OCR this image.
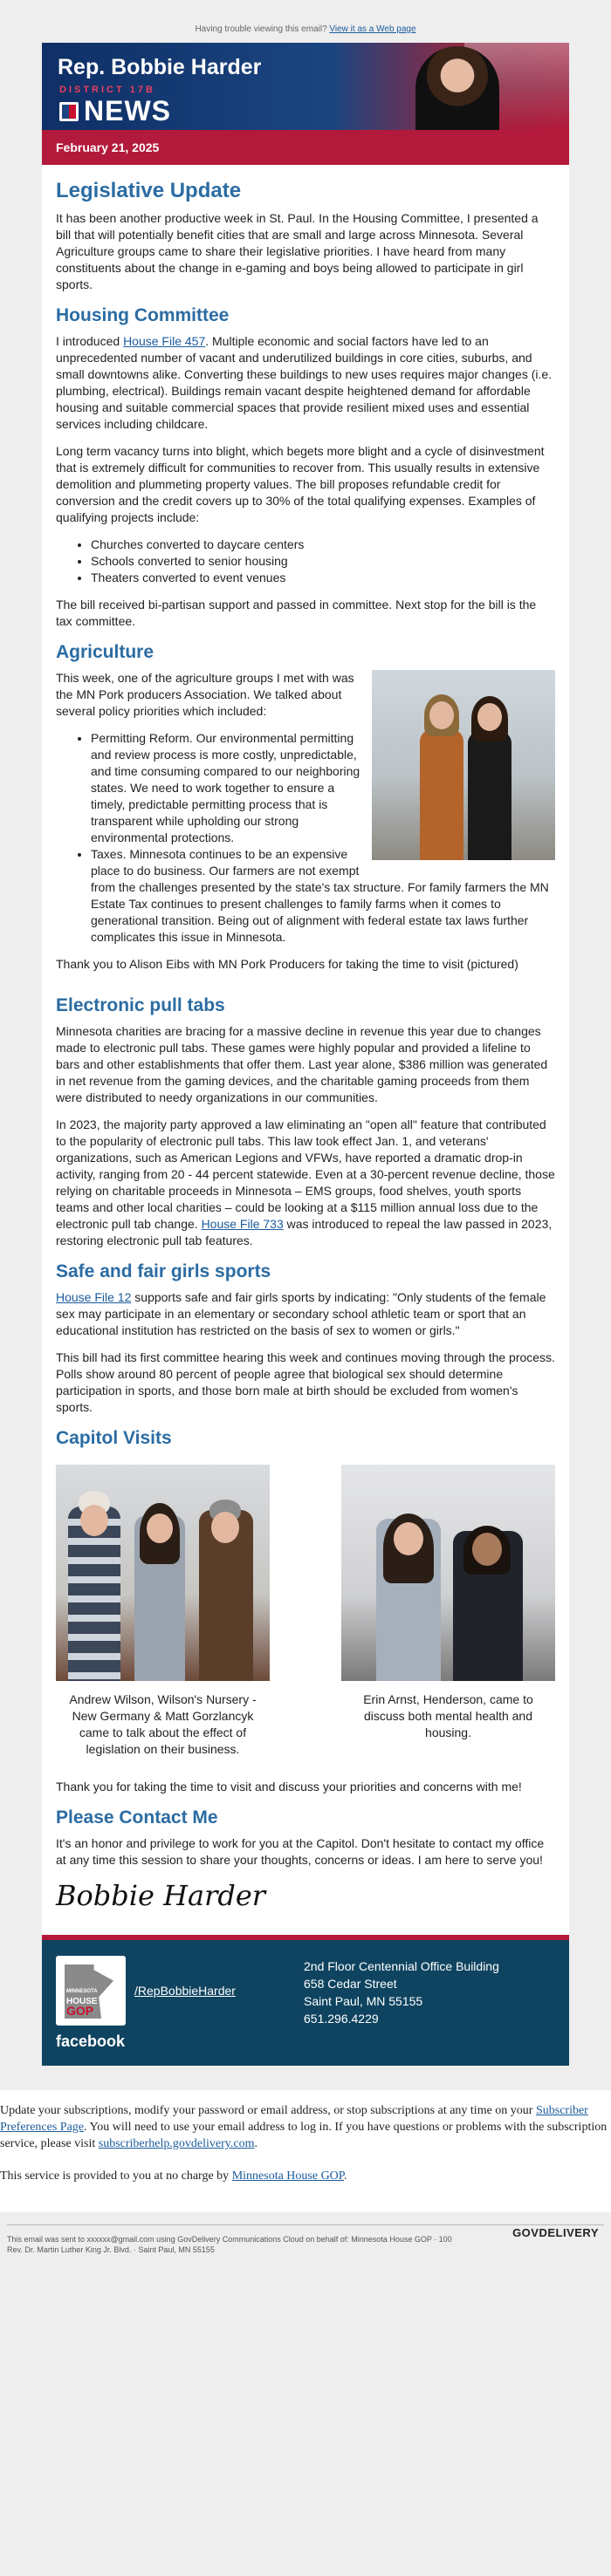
Having trouble viewing this email? View it as a Web page
Rep. Bobbie Harder
DISTRICT 17B
NEWS
February 21, 2025
Legislative Update

It has been another productive week in St. Paul. In the Housing Committee, I presented a bill that will potentially benefit cities that are small and large across Minnesota. Several Agriculture groups came to share their legislative priorities. I have heard from many constituents about the change in e-gaming and boys being allowed to participate in girl sports.

Housing Committee

I introduced House File 457. Multiple economic and social factors have led to an unprecedented number of vacant and underutilized buildings in core cities, suburbs, and small downtowns alike. Converting these buildings to new uses requires major changes (i.e. plumbing, electrical). Buildings remain vacant despite heightened demand for affordable housing and suitable commercial spaces that provide resilient mixed uses and essential services including childcare.

Long term vacancy turns into blight, which begets more blight and a cycle of disinvestment that is extremely difficult for communities to recover from. This usually results in extensive demolition and plummeting property values. The bill proposes refundable credit for conversion and the credit covers up to 30% of the total qualifying expenses. Examples of qualifying projects include:

• Churches converted to daycare centers
• Schools converted to senior housing
• Theaters converted to event venues

The bill received bi-partisan support and passed in committee. Next stop for the bill is the tax committee.

Agriculture

This week, one of the agriculture groups I met with was the MN Pork producers Association. We talked about several policy priorities which included:

• Permitting Reform. Our environmental permitting and review process is more costly, unpredictable, and time consuming compared to our neighboring states. We need to work together to ensure a timely, predictable permitting process that is transparent while upholding our strong environmental protections.
• Taxes. Minnesota continues to be an expensive place to do business. Our farmers are not exempt from the challenges presented by the state's tax structure. For family farmers the MN Estate Tax continues to present challenges to family farms when it comes to generational transition. Being out of alignment with federal estate tax laws further complicates this issue in Minnesota.

Thank you to Alison Eibs with MN Pork Producers for taking the time to visit (pictured)

Electronic pull tabs

Minnesota charities are bracing for a massive decline in revenue this year due to changes made to electronic pull tabs. These games were highly popular and provided a lifeline to bars and other establishments that offer them. Last year alone, $386 million was generated in net revenue from the gaming devices, and the charitable gaming proceeds from them were distributed to needy organizations in our communities.

In 2023, the majority party approved a law eliminating an "open all" feature that contributed to the popularity of electronic pull tabs. This law took effect Jan. 1, and veterans' organizations, such as American Legions and VFWs, have reported a dramatic drop-in activity, ranging from 20 - 44 percent statewide. Even at a 30-percent revenue decline, those relying on charitable proceeds in Minnesota – EMS groups, food shelves, youth sports teams and other local charities – could be looking at a $115 million annual loss due to the electronic pull tab change. House File 733 was introduced to repeal the law passed in 2023, restoring electronic pull tab features.

Safe and fair girls sports

House File 12 supports safe and fair girls sports by indicating: "Only students of the female sex may participate in an elementary or secondary school athletic team or sport that an educational institution has restricted on the basis of sex to women or girls."

This bill had its first committee hearing this week and continues moving through the process. Polls show around 80 percent of people agree that biological sex should determine participation in sports, and those born male at birth should be excluded from women's sports.

Capitol Visits
Andrew Wilson, Wilson's Nursery - New Germany & Matt Gorzlancyk came to talk about the effect of legislation on their business.
Erin Arnst, Henderson, came to discuss both mental health and housing.

Thank you for taking the time to visit and discuss your priorities and concerns with me!

Please Contact Me

It's an honor and privilege to work for you at the Capitol. Don't hesitate to contact my office at any time this session to share your thoughts, concerns or ideas. I am here to serve you!

Bobbie Harder
MINNESOTA
HOUSE
GOP
/RepBobbieHarder
facebook
2nd Floor Centennial Office Building
658 Cedar Street
Saint Paul, MN 55155
651.296.4229

Update your subscriptions, modify your password or email address, or stop subscriptions at any time on your Subscriber Preferences Page. You will need to use your email address to log in. If you have questions or problems with the subscription service, please visit subscriberhelp.govdelivery.com.

This service is provided to you at no charge by Minnesota House GOP.

This email was sent to xxxxxx@gmail.com using GovDelivery Communications Cloud on behalf of: Minnesota House GOP · 100
Rev. Dr. Martin Luther King Jr. Blvd. · Saint Paul, MN 55155
GOVDELIVERY
